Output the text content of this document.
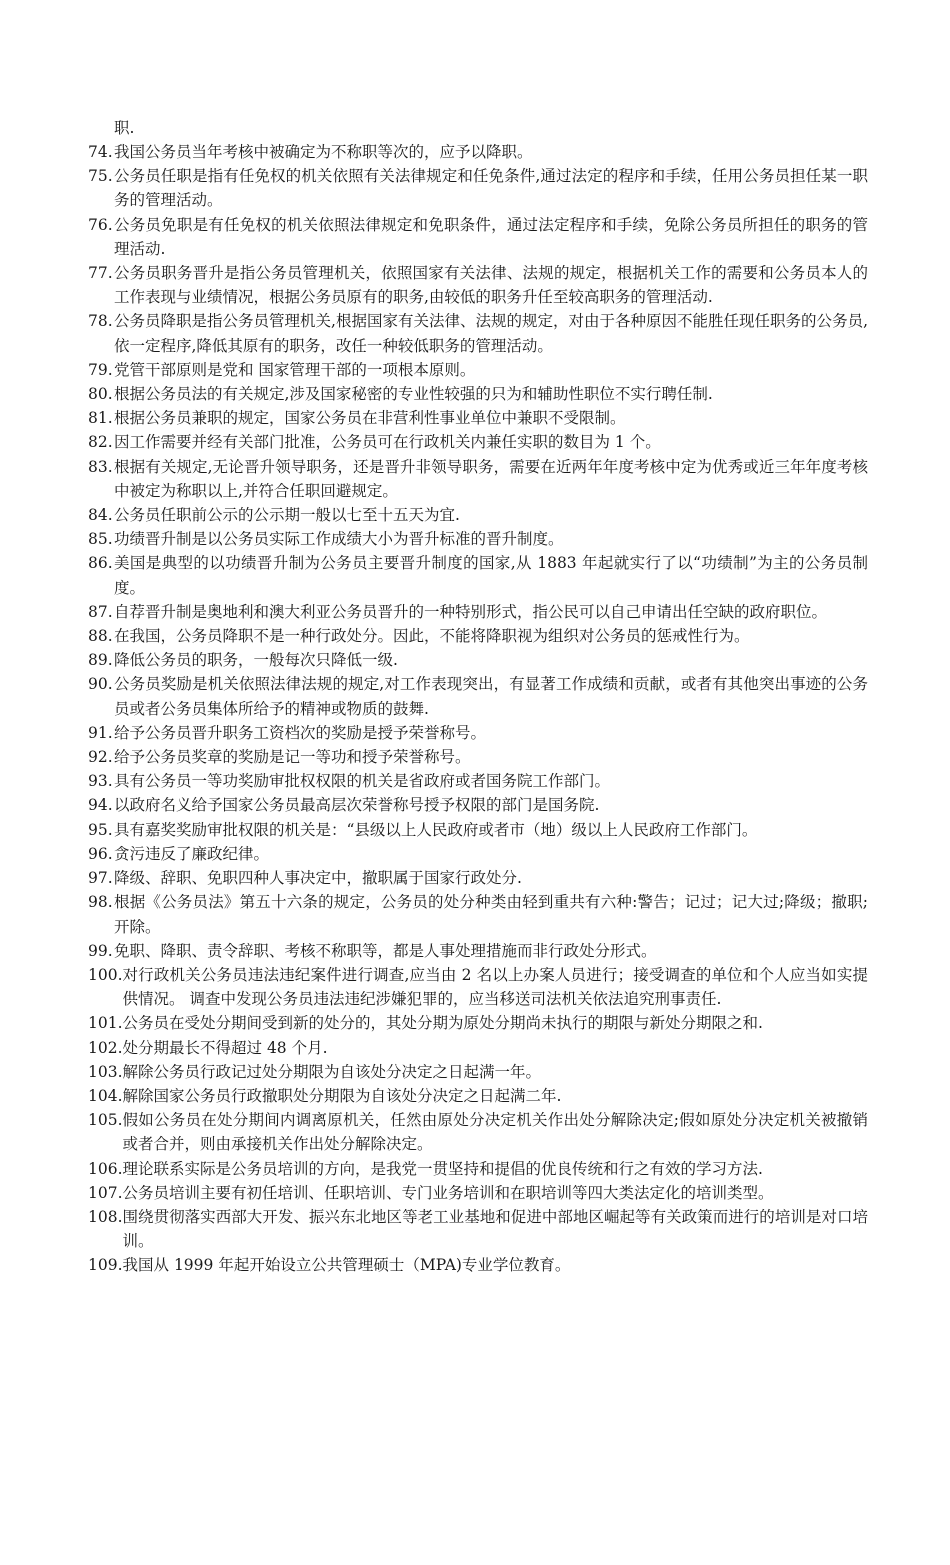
职.

74. 我国公务员当年考核中被确定为不称职等次的，应予以降职。
75. 公务员任职是指有任免权的机关依照有关法律规定和任免条件,通过法定的程序和手续，任用公务员担任某一职务的管理活动。
76. 公务员免职是有任免权的机关依照法律规定和免职条件，通过法定程序和手续，免除公务员所担任的职务的管理活动.
77. 公务员职务晋升是指公务员管理机关，依照国家有关法律、法规的规定，根据机关工作的需要和公务员本人的工作表现与业绩情况，根据公务员原有的职务,由较低的职务升任至较高职务的管理活动.
78. 公务员降职是指公务员管理机关,根据国家有关法律、法规的规定，对由于各种原因不能胜任现任职务的公务员,依一定程序,降低其原有的职务，改任一种较低职务的管理活动。
79. 党管干部原则是党和 国家管理干部的一项根本原则。
80. 根据公务员法的有关规定,涉及国家秘密的专业性较强的只为和辅助性职位不实行聘任制.
81. 根据公务员兼职的规定，国家公务员在非营利性事业单位中兼职不受限制。
82. 因工作需要并经有关部门批准，公务员可在行政机关内兼任实职的数目为 1 个。
83. 根据有关规定,无论晋升领导职务，还是晋升非领导职务，需要在近两年年度考核中定为优秀或近三年年度考核中被定为称职以上,并符合任职回避规定。
84. 公务员任职前公示的公示期一般以七至十五天为宜.
85. 功绩晋升制是以公务员实际工作成绩大小为晋升标准的晋升制度。
86. 美国是典型的以功绩晋升制为公务员主要晋升制度的国家,从 1883 年起就实行了以“功绩制”为主的公务员制度。
87. 自荐晋升制是奥地利和澳大利亚公务员晋升的一种特别形式，指公民可以自己申请出任空缺的政府职位。
88. 在我国，公务员降职不是一种行政处分。因此，不能将降职视为组织对公务员的惩戒性行为。
89. 降低公务员的职务，一般每次只降低一级.
90. 公务员奖励是机关依照法律法规的规定,对工作表现突出，有显著工作成绩和贡献，或者有其他突出事迹的公务员或者公务员集体所给予的精神或物质的鼓舞.
91. 给予公务员晋升职务工资档次的奖励是授予荣誉称号。
92. 给予公务员奖章的奖励是记一等功和授予荣誉称号。
93. 具有公务员一等功奖励审批权权限的机关是省政府或者国务院工作部门。
94. 以政府名义给予国家公务员最高层次荣誉称号授予权限的部门是国务院.
95. 具有嘉奖奖励审批权限的机关是：“县级以上人民政府或者市（地）级以上人民政府工作部门。
96. 贪污违反了廉政纪律。
97. 降级、辞职、免职四种人事决定中，撤职属于国家行政处分.
98. 根据《公务员法》第五十六条的规定，公务员的处分种类由轻到重共有六种:警告；记过；记大过;降级；撤职;开除。
99. 免职、降职、责令辞职、考核不称职等，都是人事处理措施而非行政处分形式。
100. 对行政机关公务员违法违纪案件进行调查,应当由 2 名以上办案人员进行；接受调查的单位和个人应当如实提供情况。 调查中发现公务员违法违纪涉嫌犯罪的，应当移送司法机关依法追究刑事责任.
101. 公务员在受处分期间受到新的处分的，其处分期为原处分期尚未执行的期限与新处分期限之和.
102. 处分期最长不得超过 48 个月.
103. 解除公务员行政记过处分期限为自该处分决定之日起满一年。
104. 解除国家公务员行政撤职处分期限为自该处分决定之日起满二年.
105. 假如公务员在处分期间内调离原机关，任然由原处分决定机关作出处分解除决定;假如原处分决定机关被撤销或者合并，则由承接机关作出处分解除决定。
106. 理论联系实际是公务员培训的方向，是我党一贯坚持和提倡的优良传统和行之有效的学习方法.
107. 公务员培训主要有初任培训、任职培训、专门业务培训和在职培训等四大类法定化的培训类型。
108. 围绕贯彻落实西部大开发、振兴东北地区等老工业基地和促进中部地区崛起等有关政策而进行的培训是对口培训。
109. 我国从 1999 年起开始设立公共管理硕士（MPA)专业学位教育。
